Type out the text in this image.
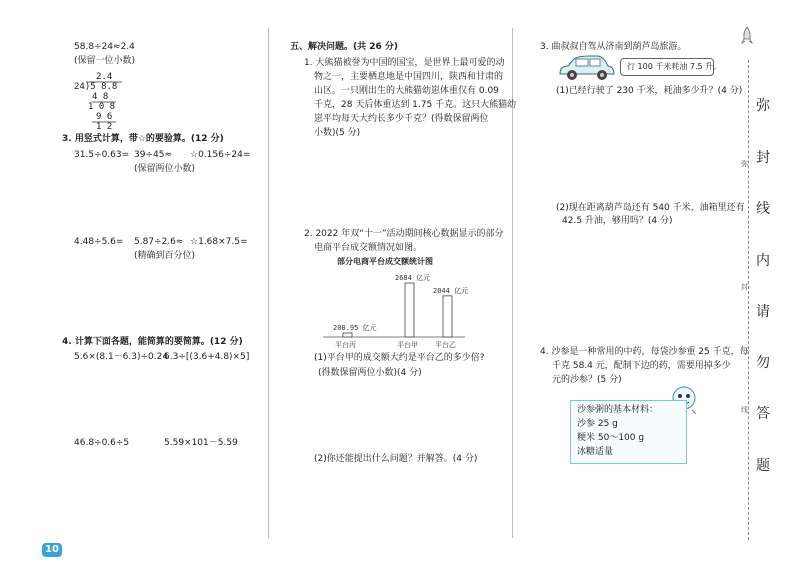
58.8÷24≈2.4
(保留一位小数)
2.4
24)5 8.8
4 8
1 0 8
9 6
1 2
3. 用竖式计算，带☆的要验算。(12 分)
31.5÷0.63= 39÷45≈
(保留两位小数)
☆0.156÷24=
4.48÷5.6= 5.87÷2.6≈
(精确到百分位)
☆1.68×7.5=
4. 计算下面各题，能简算的要简算。(12 分)
5.6×(8.1－6.3)÷0.24
6.3÷[(3.6+4.8)×5]
46.8÷0.6÷5	5.59×101－5.59
10
五、解决问题。(共 26 分)
1. 大熊猫被誉为中国的国宝，是世界上最可爱的动
物之一，主要栖息地是中国四川，陕西和甘肃的
山区。一只刚出生的大熊猫幼崽体重仅有 0.09
千克，28 天后体重达到 1.75 千克。这只大熊猫幼
崽平均每天大约长多少千克？(得数保留两位
小数)(5 分)
2. 2022 年双“十一”活动期间核心数据显示的部分
电商平台成交额情况如图。
部分电商平台成交额统计图
200.95 亿元
平台丙
2684 亿元
平台甲
2044 亿元
平台乙
(1)平台甲的成交额大约是平台乙的多少倍?
(得数保留两位小数)(4 分)
(2)你还能提出什么问题？并解答。(4 分)
3. 曲叔叔自驾从济南到葫芦岛旅游。
行 100 千米耗油 7.5 升。
(1)已经行驶了 230 千米，耗油多少升？(4 分)
(2)现在距离葫芦岛还有 540 千米，油箱里还有
42.5 升油，够用吗？(4 分)
4. 沙参是一种常用的中药，每袋沙参重 25 千克，每
千克 58.4 元，配制下边的药，需要用掉多少
元的沙参？(5 分)
沙参粥的基本材料：
沙参 25 g
粳米 50～100 g
冰糖适量
弥
封
线
内
请
勿
答
题
弥
封
线
